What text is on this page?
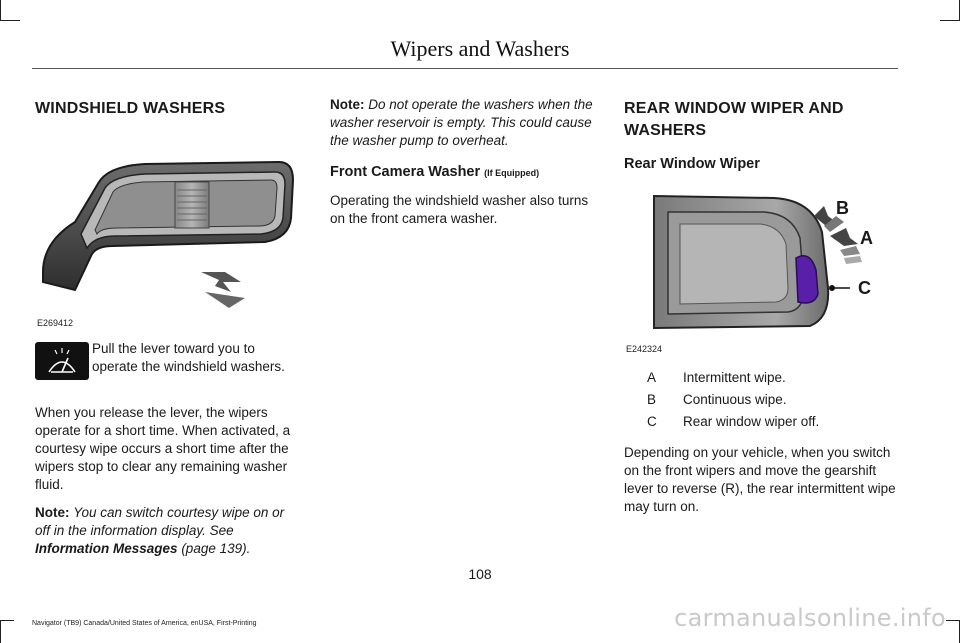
Wipers and Washers
WINDSHIELD WASHERS
E269412

Pull the lever toward you to operate the windshield washers.

When you release the lever, the wipers operate for a short time. When activated, a courtesy wipe occurs a short time after the wipers stop to clear any remaining washer fluid.

Note: You can switch courtesy wipe on or off in the information display. See Information Messages (page 139).

Note: Do not operate the washers when the washer reservoir is empty. This could cause the washer pump to overheat.

Front Camera Washer (If Equipped)

Operating the windshield washer also turns on the front camera washer.

REAR WINDOW WIPER AND
WASHERS
Rear Window Wiper
B
A
C
E242324
A	Intermittent wipe.
B	Continuous wipe.
C	Rear window wiper off.

Depending on your vehicle, when you switch on the front wipers and move the gearshift lever to reverse (R), the rear intermittent wipe may turn on.

108
Navigator (TB9) Canada/United States of America, enUSA, First-Printing	carmanualsonline.info
